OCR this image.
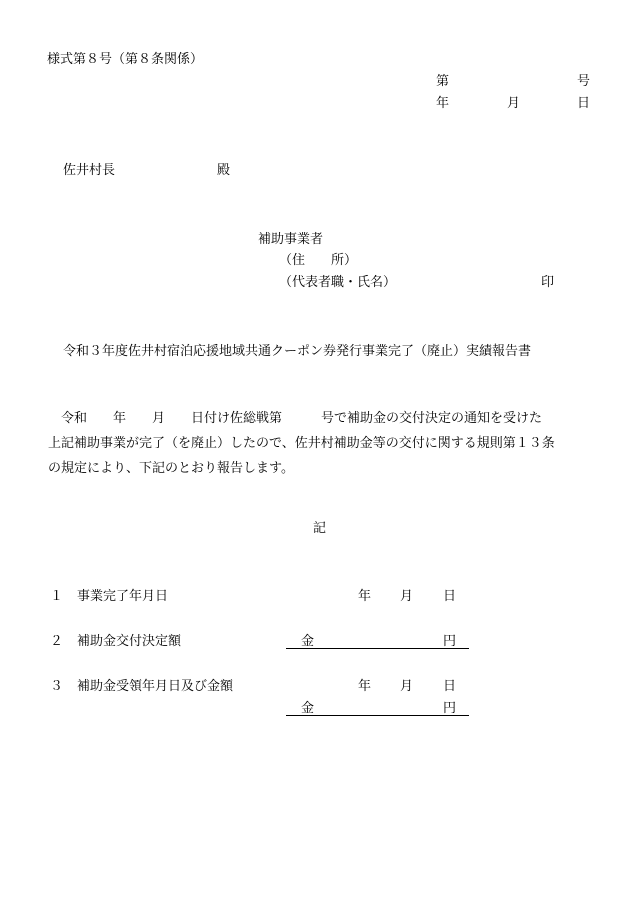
様式第８号（第８条関係）
第	号
年	月	日
佐井村長	殿
補助事業者
（住　　所）
（代表者職・氏名）	印
令和３年度佐井村宿泊応援地域共通クーポン券発行事業完了（廃止）実績報告書
　令和　　年　　月　　日付け佐総戦第　　　号で補助金の交付決定の通知を受けた
上記補助事業が完了（を廃止）したので、佐井村補助金等の交付に関する規則第１３条
の規定により、下記のとおり報告します。
記
１ 事業完了年月日	年 月 日
２ 補助金交付決定額	金	円
３ 補助金受領年月日及び金額	年 月 日
金	円
